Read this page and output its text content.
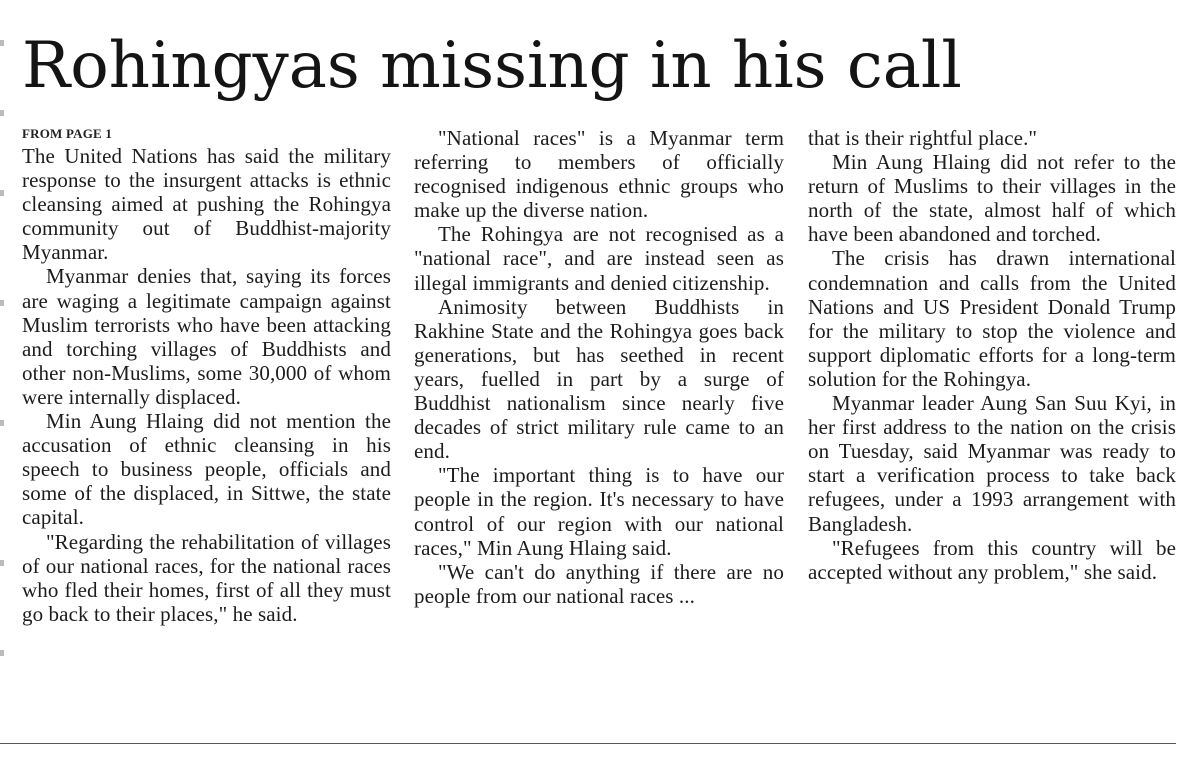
Rohingyas missing in his call
FROM PAGE 1

The United Nations has said the military response to the insurgent attacks is ethnic cleansing aimed at pushing the Rohingya community out of Buddhist-majority Myanmar.

Myanmar denies that, saying its forces are waging a legitimate campaign against Muslim terrorists who have been attacking and torching villages of Buddhists and other non-Muslims, some 30,000 of whom were internally displaced.

Min Aung Hlaing did not mention the accusation of ethnic cleansing in his speech to business people, officials and some of the displaced, in Sittwe, the state capital.

"Regarding the rehabilitation of villages of our national races, for the national races who fled their homes, first of all they must go back to their places," he said.

"National races" is a Myanmar term referring to members of officially recognised indigenous ethnic groups who make up the diverse nation.

The Rohingya are not recognised as a "national race", and are instead seen as illegal immigrants and denied citizenship.

Animosity between Buddhists in Rakhine State and the Rohingya goes back generations, but has seethed in recent years, fuelled in part by a surge of Buddhist nationalism since nearly five decades of strict military rule came to an end.

"The important thing is to have our people in the region. It's necessary to have control of our region with our national races," Min Aung Hlaing said.

"We can't do anything if there are no people from our national races ...

that is their rightful place."

Min Aung Hlaing did not refer to the return of Muslims to their villages in the north of the state, almost half of which have been abandoned and torched.

The crisis has drawn international condemnation and calls from the United Nations and US President Donald Trump for the military to stop the violence and support diplomatic efforts for a long-term solution for the Rohingya.

Myanmar leader Aung San Suu Kyi, in her first address to the nation on the crisis on Tuesday, said Myanmar was ready to start a verification process to take back refugees, under a 1993 arrangement with Bangladesh.

"Refugees from this country will be accepted without any problem," she said.
